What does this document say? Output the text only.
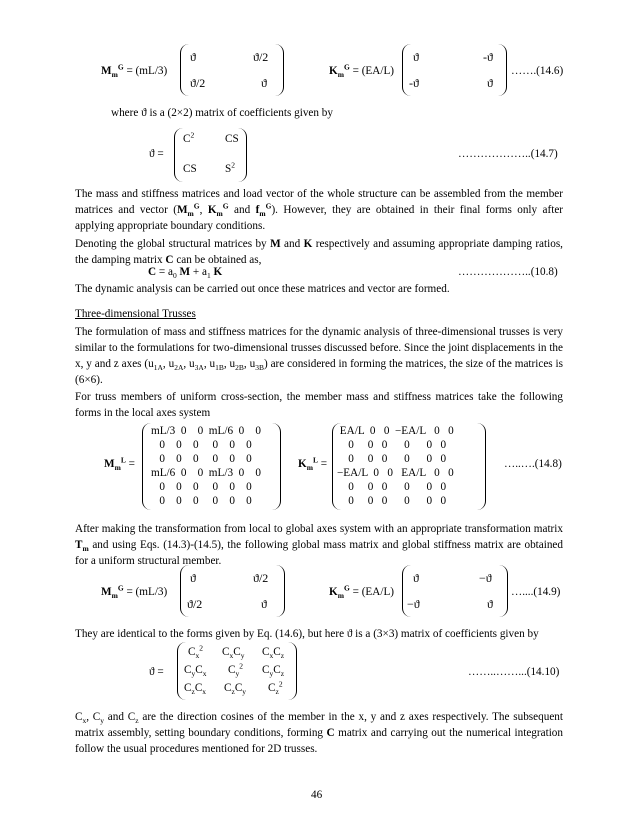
$M_m^G = (mL/3)$
ϑ	ϑ/2
ϑ/2	ϑ
$K_m^G = (EA/L)$
ϑ	-ϑ
-ϑ	ϑ
…….(14.6)
where ϑ is a (2×2) matrix of coefficients given by
ϑ =
$C^2$	CS
CS	$S^2$
………………..(14.7)
The mass and stiffness matrices and load vector of the whole structure can be assembled from the member matrices and vector ($M_m^G$, $K_m^G$ and $f_m^G$). However, they are obtained in their final forms only after applying appropriate boundary conditions.
Denoting the global structural matrices by M and K respectively and assuming appropriate damping ratios, the damping matrix C can be obtained as,
$C = a_0$ $M + a_1$ K	………………..(10.8)
The dynamic analysis can be carried out once these matrices and vector are formed.
Three-dimensional Trusses
The formulation of mass and stiffness matrices for the dynamic analysis of three-dimensional trusses is very similar to the formulations for two-dimensional trusses discussed before. Since the joint displacements in the x, y and z axes ($u_{1A}$, $u_{2A}$, $u_{3A}$, $u_{1B}$, $u_{2B}$, $u_{3B}$) are considered in forming the matrices, the size of the matrices is (6×6).
For truss members of uniform cross-section, the member mass and stiffness matrices take the following forms in the local axes system
$M_m^L$ =
mL/3  0    0  mL/6  0    0
0    0    0     0    0    0
0    0    0     0    0    0
mL/6  0    0  mL/3  0    0
0    0    0     0    0    0
0    0    0     0    0    0
$K_m^L$ =
EA/L  0   0  −EA/L   0   0
0     0   0      0      0   0
0     0   0      0      0   0
−EA/L  0   0   EA/L   0   0
0     0   0      0      0   0
0     0   0      0      0   0
…..….(14.8)
After making the transformation from local to global axes system with an appropriate transformation matrix $T_m$ and using Eqs. (14.3)-(14.5), the following global mass matrix and global stiffness matrix are obtained for a uniform structural member.
$M_m^G = (mL/3)$
ϑ	ϑ/2
ϑ/2	ϑ
$K_m^G = (EA/L)$
ϑ	−ϑ
−ϑ	ϑ
…....(14.9)
They are identical to the forms given by Eq. (14.6), but here ϑ is a (3×3) matrix of coefficients given by
ϑ =
$C_x^2$ $C_xC_y$ $C_xC_z$
$C_yC_x$ $C_y^2$ $C_yC_z$
$C_zC_x$ $C_zC_y$ $C_z^2$
……..……...(14.10)
$C_x$, $C_y$ and $C_z$ are the direction cosines of the member in the x, y and z axes respectively. The subsequent matrix assembly, setting boundary conditions, forming C matrix and carrying out the numerical integration follow the usual procedures mentioned for 2D trusses.
46
